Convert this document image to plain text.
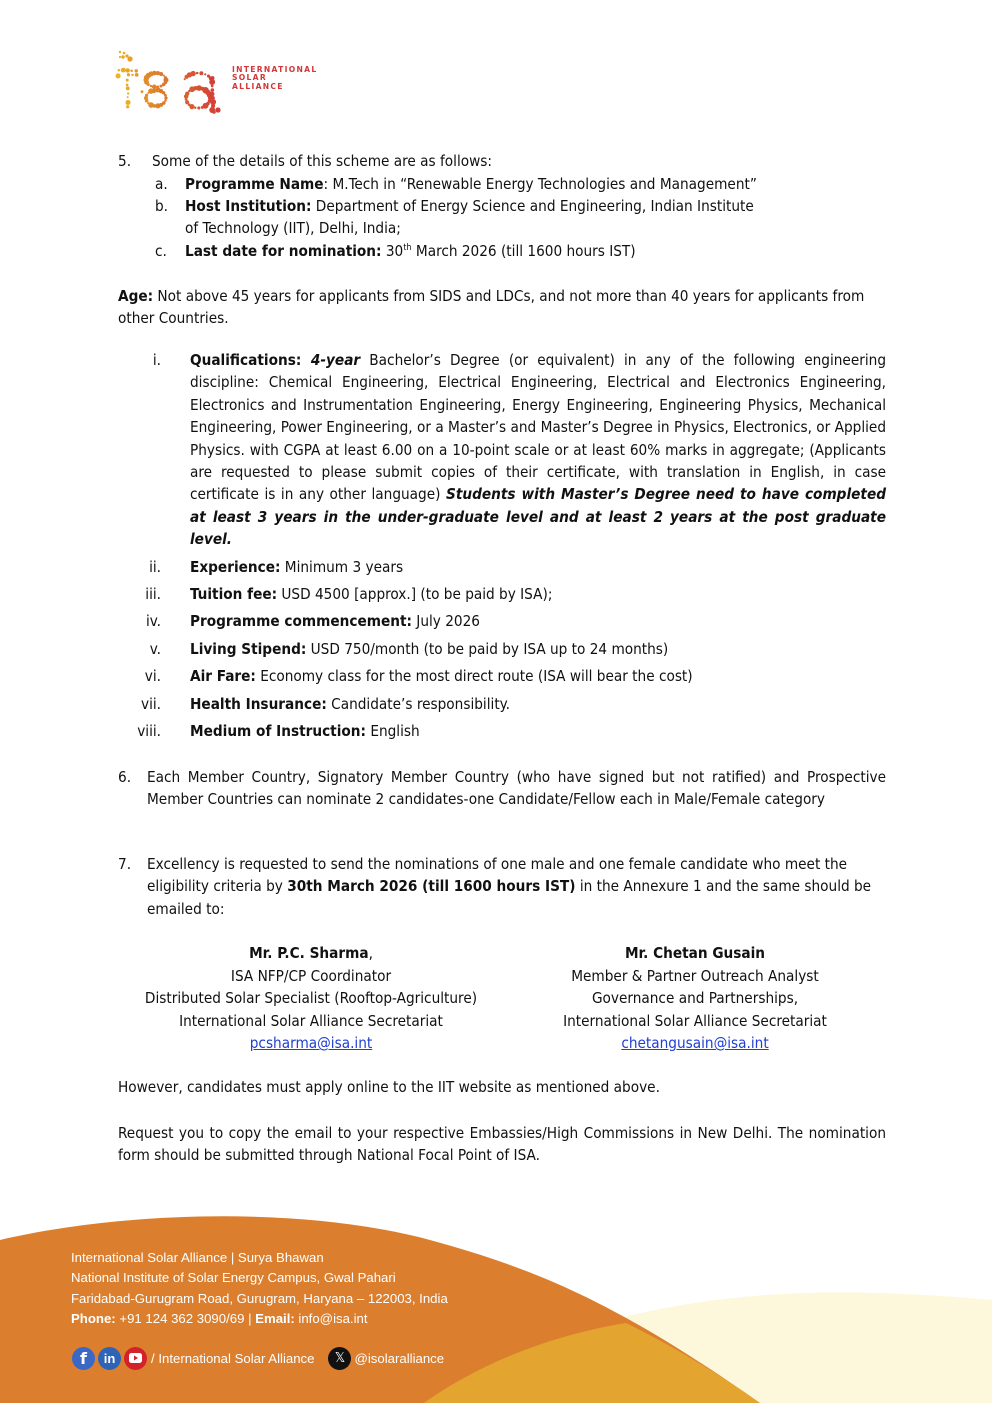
INTERNATIONAL
SOLAR
ALLIANCE
5. Some of the details of this scheme are as follows:
a. Programme Name: M.Tech in “Renewable Energy Technologies and Management”
b. Host Institution: Department of Energy Science and Engineering, Indian Institute
of Technology (IIT), Delhi, India;
c. Last date for nomination: 30th March 2026 (till 1600 hours IST)
Age: Not above 45 years for applicants from SIDS and LDCs, and not more than 40 years for applicants from other Countries.
i. Qualifications: 4-year Bachelor’s Degree (or equivalent) in any of the following engineering discipline: Chemical Engineering, Electrical Engineering, Electrical and Electronics Engineering, Electronics and Instrumentation Engineering, Energy Engineering, Engineering Physics, Mechanical Engineering, Power Engineering, or a Master’s and Master’s Degree in Physics, Electronics, or Applied Physics. with CGPA at least 6.00 on a 10-point scale or at least 60% marks in aggregate; (Applicants are requested to please submit copies of their certificate, with translation in English, in case certificate is in any other language) Students with Master’s Degree need to have completed at least 3 years in the under-graduate level and at least 2 years at the post graduate level.
ii. Experience: Minimum 3 years
iii. Tuition fee: USD 4500 [approx.] (to be paid by ISA);
iv. Programme commencement: July 2026
v. Living Stipend: USD 750/month (to be paid by ISA up to 24 months)
vi. Air Fare: Economy class for the most direct route (ISA will bear the cost)
vii. Health Insurance: Candidate’s responsibility.
viii. Medium of Instruction: English
6. Each Member Country, Signatory Member Country (who have signed but not ratified) and Prospective Member Countries can nominate 2 candidates-one Candidate/Fellow each in Male/Female category
7. Excellency is requested to send the nominations of one male and one female candidate who meet the eligibility criteria by 30th March 2026 (till 1600 hours IST) in the Annexure 1 and the same should be emailed to:
Mr. P.C. Sharma,
ISA NFP/CP Coordinator
Distributed Solar Specialist (Rooftop-Agriculture)
International Solar Alliance Secretariat
pcsharma@isa.int
Mr. Chetan Gusain
Member & Partner Outreach Analyst
Governance and Partnerships,
International Solar Alliance Secretariat
chetangusain@isa.int
However, candidates must apply online to the IIT website as mentioned above.
Request you to copy the email to your respective Embassies/High Commissions in New Delhi. The nomination form should be submitted through National Focal Point of ISA.
International Solar Alliance | Surya Bhawan
National Institute of Solar Energy Campus, Gwal Pahari
Faridabad-Gurugram Road, Gurugram, Haryana – 122003, India
Phone: +91 124 362 3090/69 | Email: info@isa.int
f	in	/ International Solar Alliance	𝕏 @isolaralliance
